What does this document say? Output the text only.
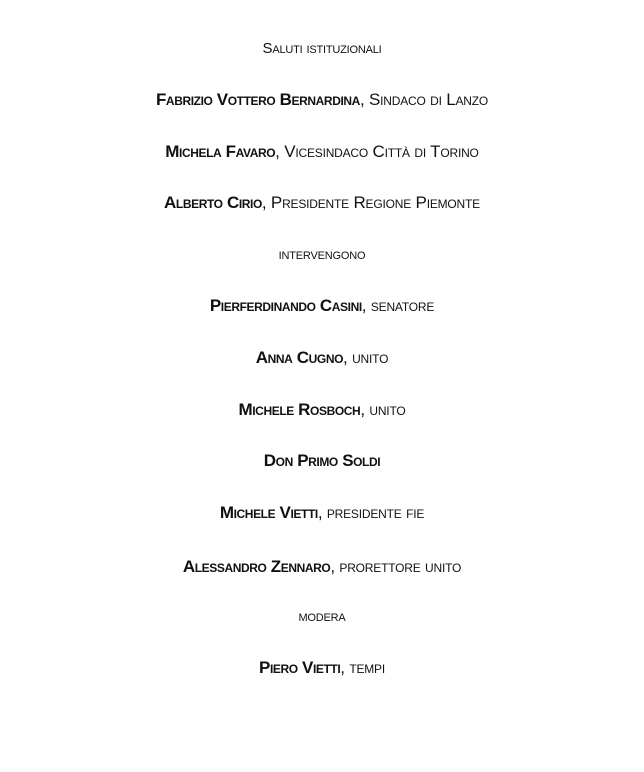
Saluti istituzionali
Fabrizio Vottero Bernardina, Sindaco di Lanzo
Michela Favaro, Vicesindaco Città di Torino
Alberto Cirio, Presidente Regione Piemonte
intervengono
Pierferdinando Casini, senatore
Anna Cugno, unito
Michele Rosboch, unito
Don Primo Soldi
Michele Vietti, presidente fie
Alessandro Zennaro, prorettore unito
modera
Piero Vietti, tempi
